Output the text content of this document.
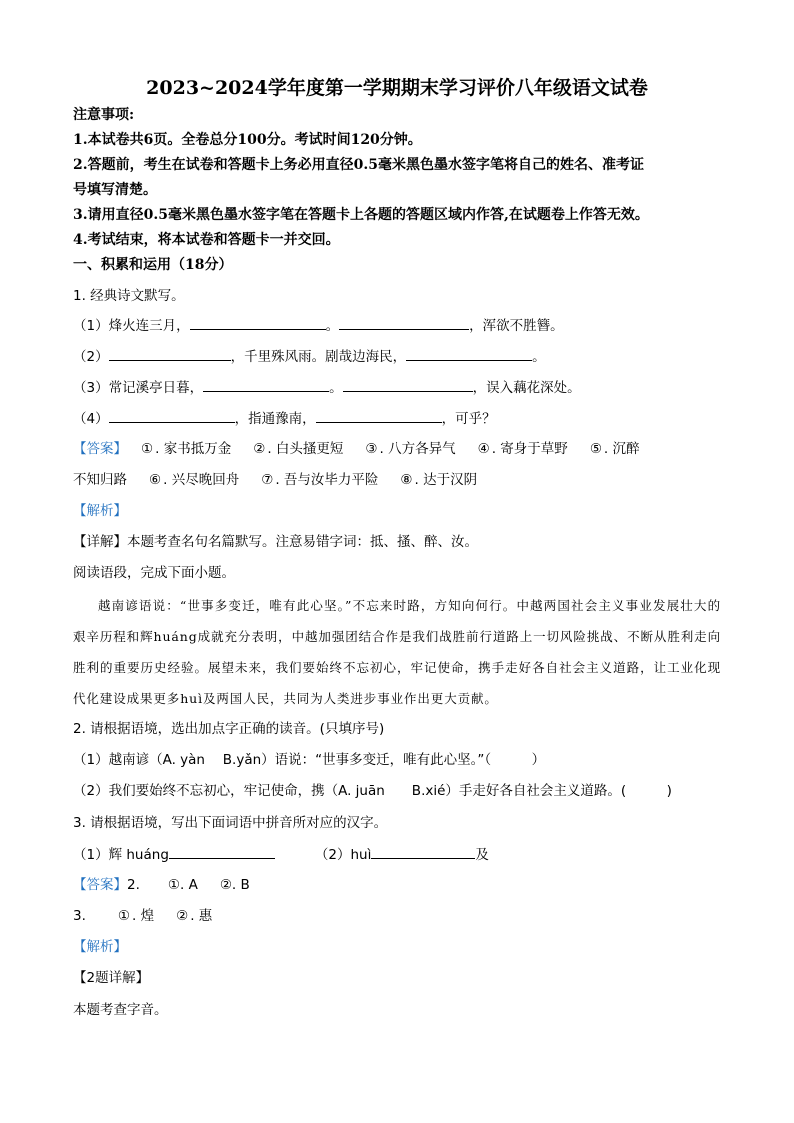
2023~2024学年度第一学期期末学习评价八年级语文试卷
注意事项:
1.本试卷共6页。全卷总分100分。考试时间120分钟。
2.答题前，考生在试卷和答题卡上务必用直径0.5毫米黑色墨水签字笔将自己的姓名、准考证
号填写清楚。
3.请用直径0.5毫米黑色墨水签字笔在答题卡上各题的答题区域内作答,在试题卷上作答无效。
4.考试结束，将本试卷和答题卡一并交回。
一、积累和运用（18分）
1. 经典诗文默写。
（1）烽火连三月，	。	，浑欲不胜簪。
（2）	，千里殊风雨。剧哉边海民，	。
（3）常记溪亭日暮，	。	，误入藕花深处。
（4）	，指通豫南，	，可乎？
【答案】 ① . 家书抵万金 ② . 白头搔更短 ③ . 八方各异气 ④ . 寄身于草野 ⑤ . 沉醉
不知归路 ⑥ . 兴尽晚回舟 ⑦ . 吾与汝毕力平险 ⑧ . 达于汉阴
【解析】
【详解】本题考查名句名篇默写。注意易错字词：抵、搔、醉、汝。
阅读语段，完成下面小题。
越南谚语说：“世事多变迁，唯有此心坚。”不忘来时路，方知向何行。中越两国社会主义事业发展壮大的艰辛历程和辉huáng成就充分表明，中越加强团结合作是我们战胜前行道路上一切风险挑战、不断从胜利走向胜利的重要历史经验。展望未来，我们要始终不忘初心，牢记使命，携手走好各自社会主义道路，让工业化现代化建设成果更多huì及两国人民，共同为人类进步事业作出更大贡献。
2. 请根据语境，选出加点字正确的读音。(只填序号)
（1）越南谚（A. yàn　 B.yǎn）语说：“世事多变迁，唯有此心坚。”（　　　）
（2）我们要始终不忘初心，牢记使命，携（A. juān　　B.xié）手走好各自社会主义道路。(　　　)
3. 请根据语境，写出下面词语中拼音所对应的汉字。
（1）辉 huáng	（2）huì	及
【答案】2. ①. A ②. B
3. ① . 煌 ② . 惠
【解析】
【2题详解】
本题考查字音。
